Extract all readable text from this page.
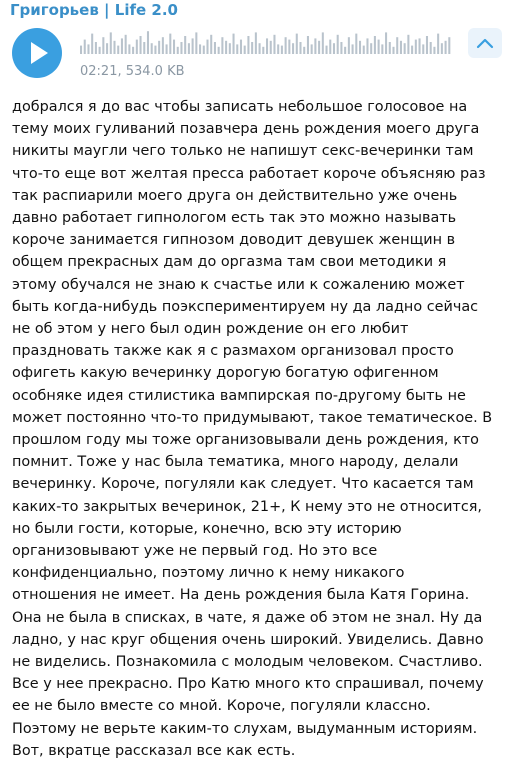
Григорьев | Life 2.0
02:21, 534.0 KB
добрался я до вас чтобы записать небольшое голосовое на
тему моих гуливаний позавчера день рождения моего друга
никиты маугли чего только не напишут секс-вечеринки там
что-то еще вот желтая пресса работает короче объясняю раз
так распиарили моего друга он действительно уже очень
давно работает гипнологом есть так это можно называть
короче занимается гипнозом доводит девушек женщин в
общем прекрасных дам до оргазма там свои методики я
этому обучался не знаю к счастье или к сожалению может
быть когда-нибудь поэкспериментируем ну да ладно сейчас
не об этом у него был один рождение он его любит
праздновать также как я с размахом организовал просто
офигеть какую вечеринку дорогую богатую офигенном
особняке идея стилистика вампирская по-другому быть не
может постоянно что-то придумывают, такое тематическое. В
прошлом году мы тоже организовывали день рождения, кто
помнит. Тоже у нас была тематика, много народу, делали
вечеринку. Короче, погуляли как следует. Что касается там
каких-то закрытых вечеринок, 21+, К нему это не относится,
но были гости, которые, конечно, всю эту историю
организовывают уже не первый год. Но это все
конфиденциально, поэтому лично к нему никакого
отношения не имеет. На день рождения была Катя Горина.
Она не была в списках, в чате, я даже об этом не знал. Ну да
ладно, у нас круг общения очень широкий. Увиделись. Давно
не виделись. Познакомила с молодым человеком. Счастливо.
Все у нее прекрасно. Про Катю много кто спрашивал, почему
ее не было вместе со мной. Короче, погуляли классно.
Поэтому не верьте каким-то слухам, выдуманным историям.
Вот, вкратце рассказал все как есть.
